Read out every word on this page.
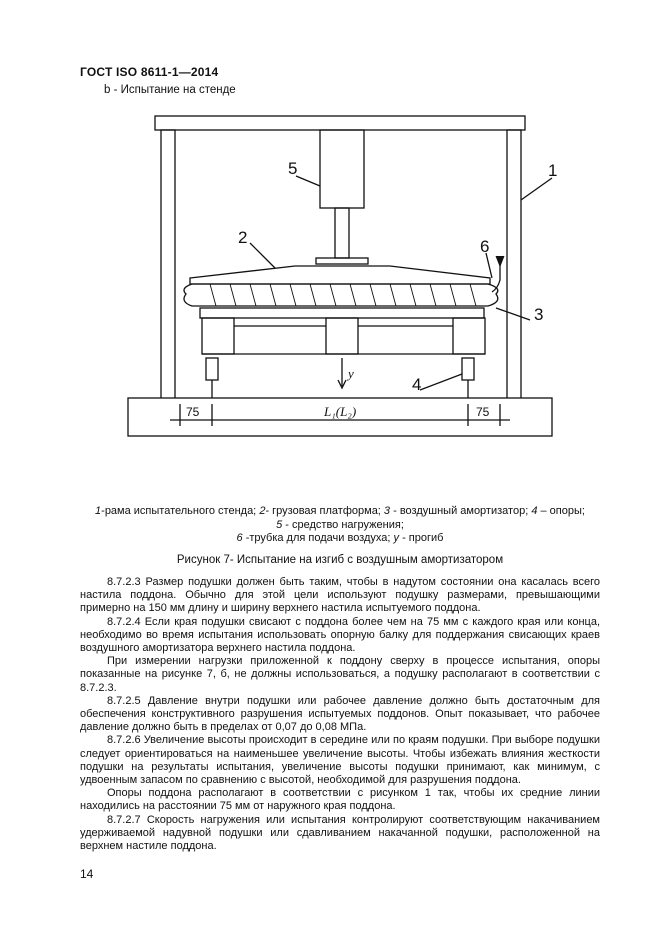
ГОСТ ISO 8611-1—2014
b - Испытание на стенде
5
2
1
6
3
4
y
L₁(L₂)
75	75
1-рама испытательного стенда; 2- грузовая платформа; 3 - воздушный амортизатор; 4 – опоры;
5 - средство нагружения;
6 -трубка для подачи воздуха; y - прогиб
Рисунок 7- Испытание на изгиб с воздушным амортизатором

8.7.2.3 Размер подушки должен быть таким, чтобы в надутом состоянии она касалась всего настила поддона. Обычно для этой цели используют подушку размерами, превышающими примерно на 150 мм длину и ширину верхнего настила испытуемого поддона.

8.7.2.4 Если края подушки свисают с поддона более чем на 75 мм с каждого края или конца, необходимо во время испытания использовать опорную балку для поддержания свисающих краев воздушного амортизатора верхнего настила поддона.

При измерении нагрузки приложенной к поддону сверху в процессе испытания, опоры показанные на рисунке 7, б, не должны использоваться, а подушку располагают в соответствии с 8.7.2.3.

8.7.2.5 Давление внутри подушки или рабочее давление должно быть достаточным для обеспечения конструктивного разрушения испытуемых поддонов. Опыт показывает, что рабочее давление должно быть в пределах от 0,07 до 0,08 МПа.

8.7.2.6 Увеличение высоты происходит в середине или по краям подушки. При выборе подушки следует ориентироваться на наименьшее увеличение высоты. Чтобы избежать влияния жесткости подушки на результаты испытания, увеличение высоты подушки принимают, как минимум, с удвоенным запасом по сравнению с высотой, необходимой для разрушения поддона.

Опоры поддона располагают в соответствии с рисунком 1 так, чтобы их средние линии находились на расстоянии 75 мм от наружного края поддона.

8.7.2.7 Скорость нагружения или испытания контролируют соответствующим накачиванием удерживаемой надувной подушки или сдавливанием накачанной подушки, расположенной на верхнем настиле поддона.

14
